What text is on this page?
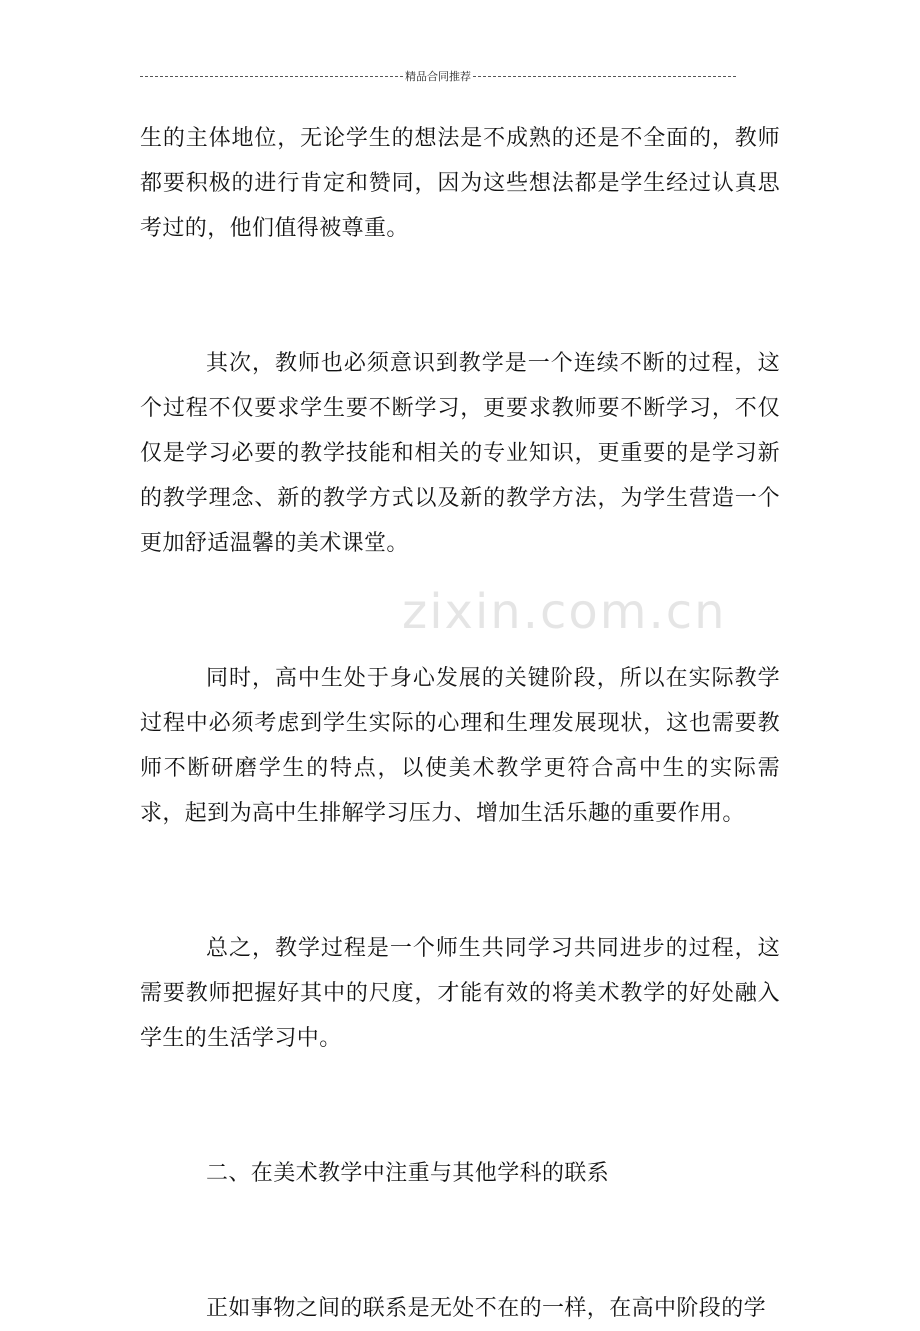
精品合同推荐
zixin.com.cn

生的主体地位，无论学生的想法是不成熟的还是不全面的，教师都要积极的进行肯定和赞同，因为这些想法都是学生经过认真思考过的，他们值得被尊重。

其次，教师也必须意识到教学是一个连续不断的过程，这个过程不仅要求学生要不断学习，更要求教师要不断学习，不仅仅是学习必要的教学技能和相关的专业知识，更重要的是学习新的教学理念、新的教学方式以及新的教学方法，为学生营造一个更加舒适温馨的美术课堂。

同时，高中生处于身心发展的关键阶段，所以在实际教学过程中必须考虑到学生实际的心理和生理发展现状，这也需要教师不断研磨学生的特点，以使美术教学更符合高中生的实际需求，起到为高中生排解学习压力、增加生活乐趣的重要作用。

总之，教学过程是一个师生共同学习共同进步的过程，这需要教师把握好其中的尺度，才能有效的将美术教学的好处融入学生的生活学习中。

二、在美术教学中注重与其他学科的联系

正如事物之间的联系是无处不在的一样，在高中阶段的学
